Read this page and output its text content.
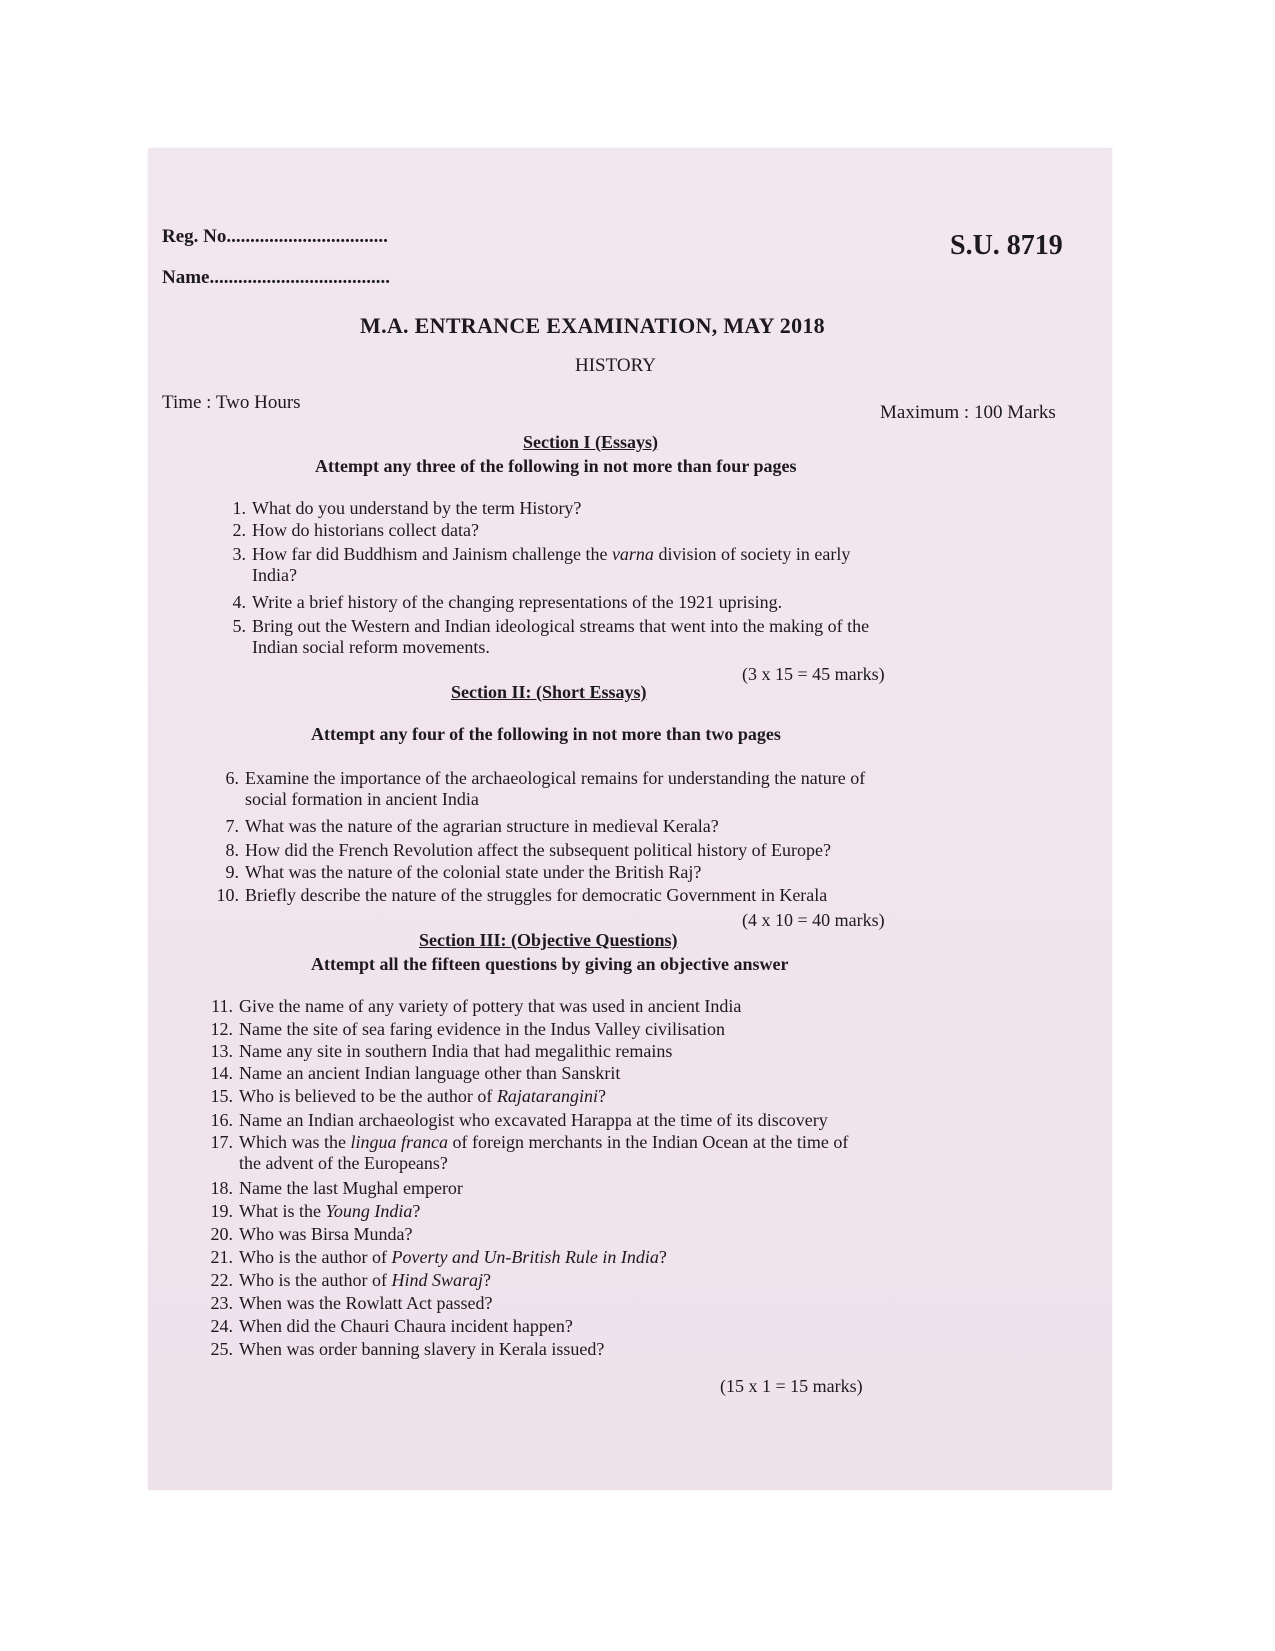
Reg. No..................................
Name......................................
S.U. 8719
M.A. ENTRANCE EXAMINATION, MAY 2018
HISTORY
Time : Two Hours	Maximum : 100 Marks
Section I (Essays)
Attempt any three of the following in not more than four pages
1. What do you understand by the term History?
2. How do historians collect data?
3. How far did Buddhism and Jainism challenge the varna division of society in early
India?
4. Write a brief history of the changing representations of the 1921 uprising.
5. Bring out the Western and Indian ideological streams that went into the making of the
Indian social reform movements.
(3 x 15 = 45 marks)
Section II: (Short Essays)
Attempt any four of the following in not more than two pages
6. Examine the importance of the archaeological remains for understanding the nature of
social formation in ancient India
7. What was the nature of the agrarian structure in medieval Kerala?
8. How did the French Revolution affect the subsequent political history of Europe?
9. What was the nature of the colonial state under the British Raj?
10. Briefly describe the nature of the struggles for democratic Government in Kerala
(4 x 10 = 40 marks)
Section III: (Objective Questions)
Attempt all the fifteen questions by giving an objective answer
11. Give the name of any variety of pottery that was used in ancient India
12. Name the site of sea faring evidence in the Indus Valley civilisation
13. Name any site in southern India that had megalithic remains
14. Name an ancient Indian language other than Sanskrit
15. Who is believed to be the author of Rajatarangini?
16. Name an Indian archaeologist who excavated Harappa at the time of its discovery
17. Which was the lingua franca of foreign merchants in the Indian Ocean at the time of
the advent of the Europeans?
18. Name the last Mughal emperor
19. What is the Young India?
20. Who was Birsa Munda?
21. Who is the author of Poverty and Un-British Rule in India?
22. Who is the author of Hind Swaraj?
23. When was the Rowlatt Act passed?
24. When did the Chauri Chaura incident happen?
25. When was order banning slavery in Kerala issued?
(15 x 1 = 15 marks)
